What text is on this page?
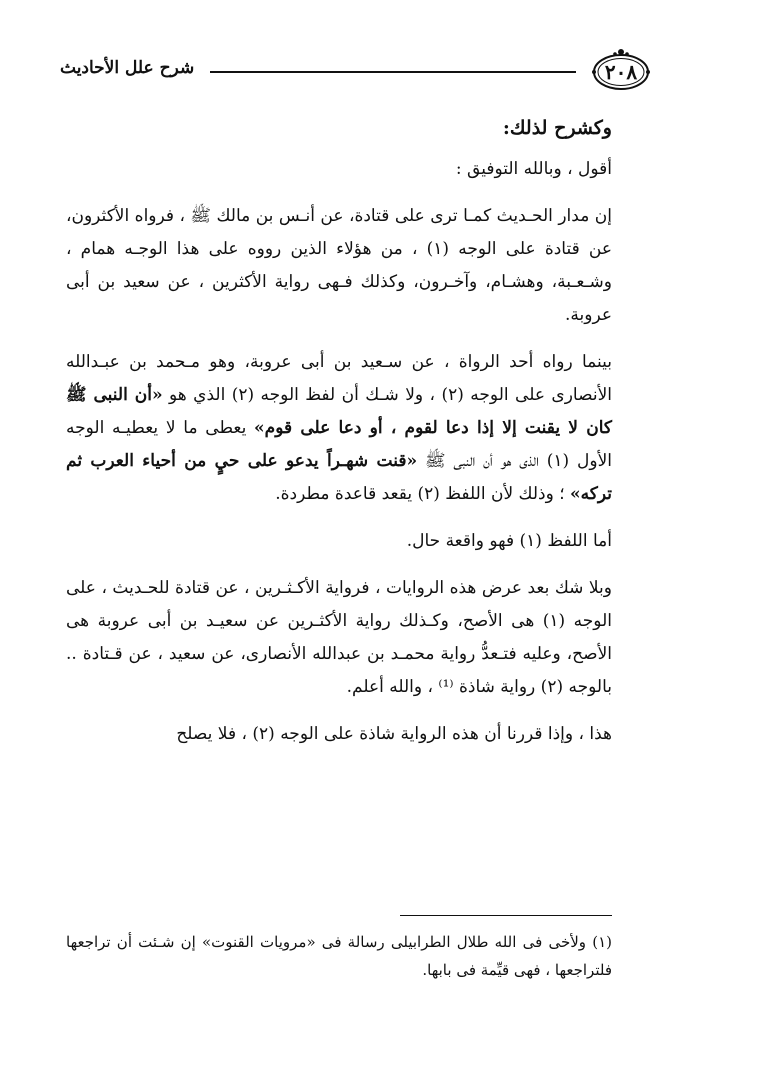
٢٠٨
شرح علل الأحاديث

وكشرح لذلك:

أقول ، وبالله التوفيق :

إن مدار الحـديث كمـا ترى على قتادة، عن أنـس بن مالك ﷺ ، فرواه الأكثرون، عن قتادة على الوجه (١) ، من هؤلاء الذين رووه على هذا الوجـه همام ، وشـعـبة، وهشـام، وآخـرون، وكذلك فـهى رواية الأكثرين ، عن سعيد بن أبى عروبة.

بينما رواه أحد الرواة ، عن سـعيد بن أبى عروبة، وهو مـحمد بن عبـدالله الأنصارى على الوجه (٢) ، ولا شـك أن لفظ الوجه (٢) الذي هو «أن النبى ﷺ كان لا يقنت إلا إذا دعا لقوم ، أو دعا على قوم» يعطى ما لا يعطيـه الوجه الأول (١) الذى هو أن النبى ﷺ «قنت شهـراً يدعو على حيٍ من أحياء العرب ثم تركه» ؛ وذلك لأن اللفظ (٢) يقعد قاعدة مطردة.

أما اللفظ (١) فهو واقعة حال.

وبلا شك بعد عرض هذه الروايات ، فرواية الأكـثـرين ، عن قتادة للحـديث ، على الوجه (١) هى الأصح، وكـذلك رواية الأكثـرين عن سعيـد بن أبى عروبة هى الأصح، وعليه فتـعدُّ رواية محمـد بن عبدالله الأنصارى، عن سعيد ، عن قـتادة .. بالوجه (٢) رواية شاذة ⁽¹⁾ ، والله أعلم.

هذا ، وإذا قررنا أن هذه الرواية شاذة على الوجه (٢) ، فلا يصلح

(١) ولأخى فى الله طلال الطرابيلى رسالة فى «مرويات القنوت» إن شـئت أن تراجعها فلتراجعها ، فهى قيِّمة فى بابها.
